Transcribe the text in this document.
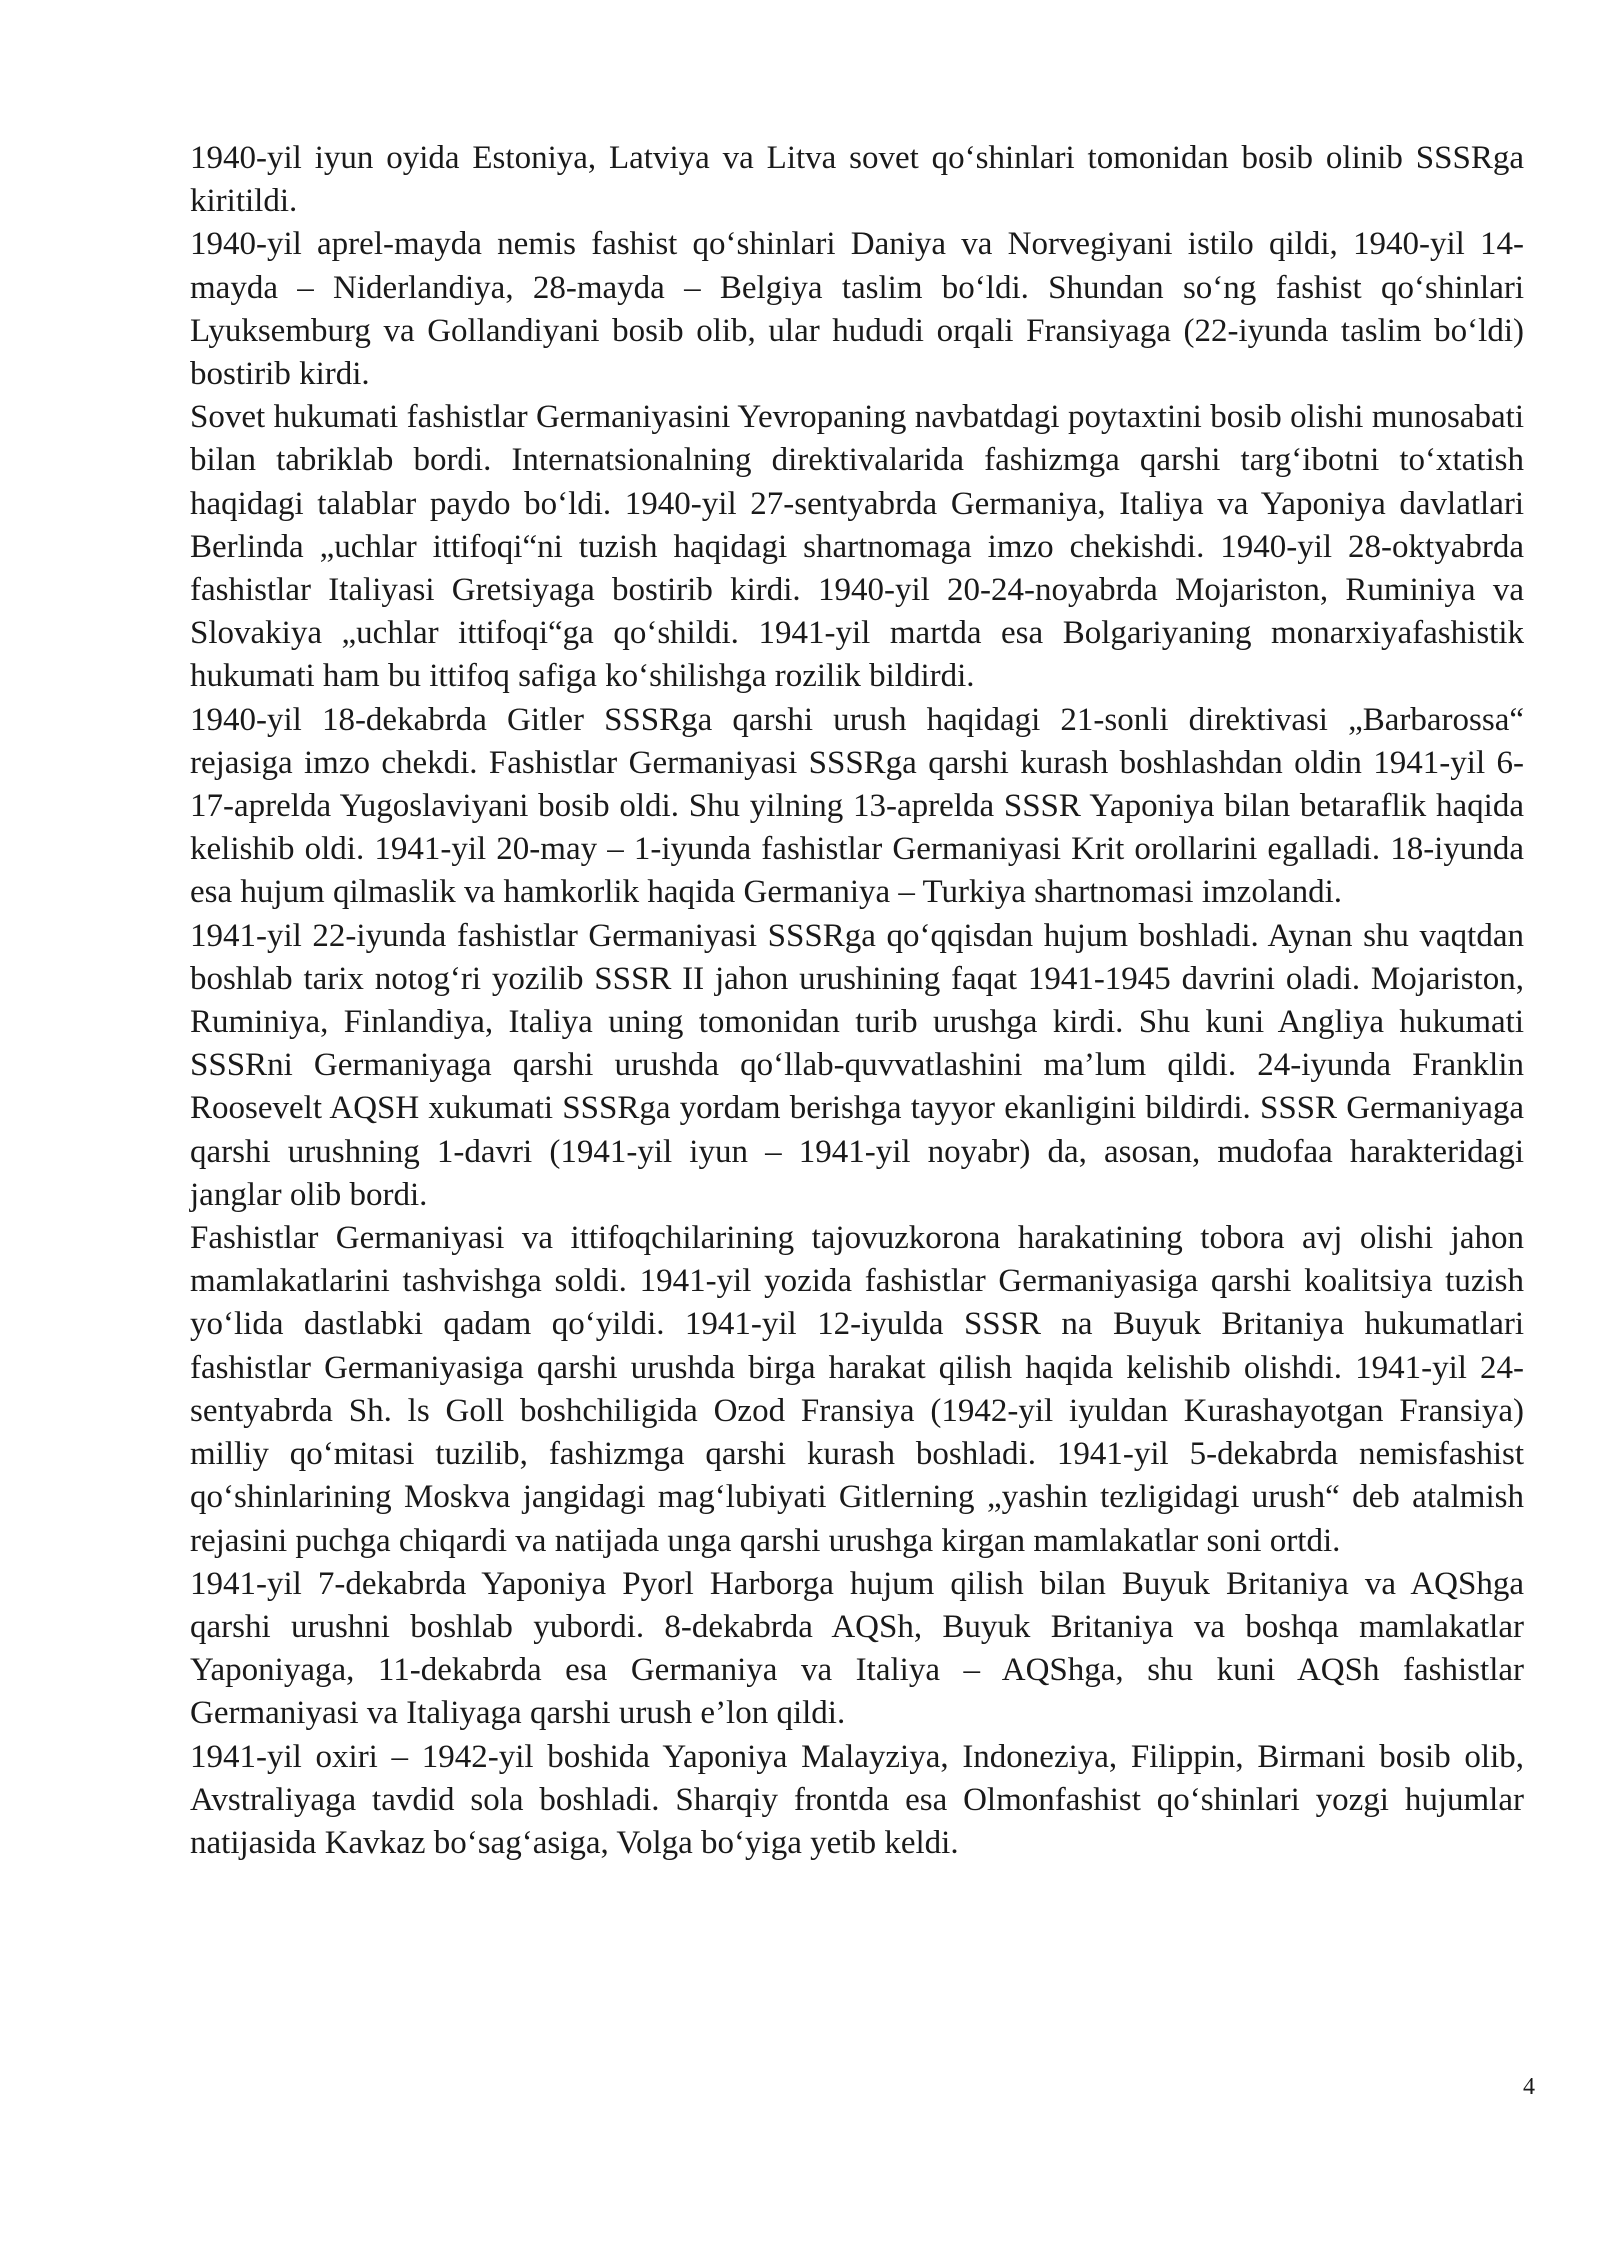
1940-yil iyun oyida Estoniya, Latviya va Litva sovet qo‘shinlari tomonidan bosib olinib SSSRga kiritildi.

1940-yil aprel-mayda nemis fashist qo‘shinlari Daniya va Norvegiyani istilo qildi, 1940-yil 14-mayda – Niderlandiya, 28-mayda – Belgiya taslim bo‘ldi. Shundan so‘ng fashist qo‘shinlari Lyuksemburg va Gollandiyani bosib olib, ular hududi orqali Fransiyaga (22-iyunda taslim bo‘ldi) bostirib kirdi.

Sovet hukumati fashistlar Germaniyasini Yevropaning navbatdagi poytaxtini bosib olishi munosabati bilan tabriklab bordi. Internatsionalning direktivalarida fashizmga qarshi targ‘ibotni to‘xtatish haqidagi talablar paydo bo‘ldi. 1940-yil 27-sentyabrda Germaniya, Italiya va Yaponiya davlatlari Berlinda „uchlar ittifoqi“ni tuzish haqidagi shartnomaga imzo chekishdi. 1940-yil 28-oktyabrda fashistlar Italiyasi Gretsiyaga bostirib kirdi. 1940-yil 20-24-noyabrda Mojariston, Ruminiya va Slovakiya „uchlar ittifoqi“ga qo‘shildi. 1941-yil martda esa Bolgariyaning monarxiyafashistik hukumati ham bu ittifoq safiga ko‘shilishga rozilik bildirdi.

1940-yil 18-dekabrda Gitler SSSRga qarshi urush haqidagi 21-sonli direktivasi „Barbarossa“ rejasiga imzo chekdi. Fashistlar Germaniyasi SSSRga qarshi kurash boshlashdan oldin 1941-yil 6-17-aprelda Yugoslaviyani bosib oldi. Shu yilning 13-aprelda SSSR Yaponiya bilan betaraflik haqida kelishib oldi. 1941-yil 20-may – 1-iyunda fashistlar Germaniyasi Krit orollarini egalladi. 18-iyunda esa hujum qilmaslik va hamkorlik haqida Germaniya – Turkiya shartnomasi imzolandi.

1941-yil 22-iyunda fashistlar Germaniyasi SSSRga qo‘qqisdan hujum boshladi. Aynan shu vaqtdan boshlab tarix notog‘ri yozilib SSSR II jahon urushining faqat 1941-1945 davrini oladi. Mojariston, Ruminiya, Finlandiya, Italiya uning tomonidan turib urushga kirdi. Shu kuni Angliya hukumati SSSRni Germaniyaga qarshi urushda qo‘llab-quvvatlashini ma’lum qildi. 24-iyunda Franklin Roosevelt AQSH xukumati SSSRga yordam berishga tayyor ekanligini bildirdi. SSSR Germaniyaga qarshi urushning 1-davri (1941-yil iyun – 1941-yil noyabr) da, asosan, mudofaa harakteridagi janglar olib bordi.

Fashistlar Germaniyasi va ittifoqchilarining tajovuzkorona harakatining tobora avj olishi jahon mamlakatlarini tashvishga soldi. 1941-yil yozida fashistlar Germaniyasiga qarshi koalitsiya tuzish yo‘lida dastlabki qadam qo‘yildi. 1941-yil 12-iyulda SSSR na Buyuk Britaniya hukumatlari fashistlar Germaniyasiga qarshi urushda birga harakat qilish haqida kelishib olishdi. 1941-yil 24-sentyabrda Sh. ls Goll boshchiligida Ozod Fransiya (1942-yil iyuldan Kurashayotgan Fransiya) milliy qo‘mitasi tuzilib, fashizmga qarshi kurash boshladi. 1941-yil 5-dekabrda nemisfashist qo‘shinlarining Moskva jangidagi mag‘lubiyati Gitlerning „yashin tezligidagi urush“ deb atalmish rejasini puchga chiqardi va natijada unga qarshi urushga kirgan mamlakatlar soni ortdi.

1941-yil 7-dekabrda Yaponiya Pyorl Harborga hujum qilish bilan Buyuk Britaniya va AQShga qarshi urushni boshlab yubordi. 8-dekabrda AQSh, Buyuk Britaniya va boshqa mamlakatlar Yaponiyaga, 11-dekabrda esa Germaniya va Italiya – AQShga, shu kuni AQSh fashistlar Germaniyasi va Italiyaga qarshi urush e’lon qildi.

1941-yil oxiri – 1942-yil boshida Yaponiya Malayziya, Indoneziya, Filippin, Birmani bosib olib, Avstraliyaga tavdid sola boshladi. Sharqiy frontda esa Olmonfashist qo‘shinlari yozgi hujumlar natijasida Kavkaz bo‘sag‘asiga, Volga bo‘yiga yetib keldi.

4
